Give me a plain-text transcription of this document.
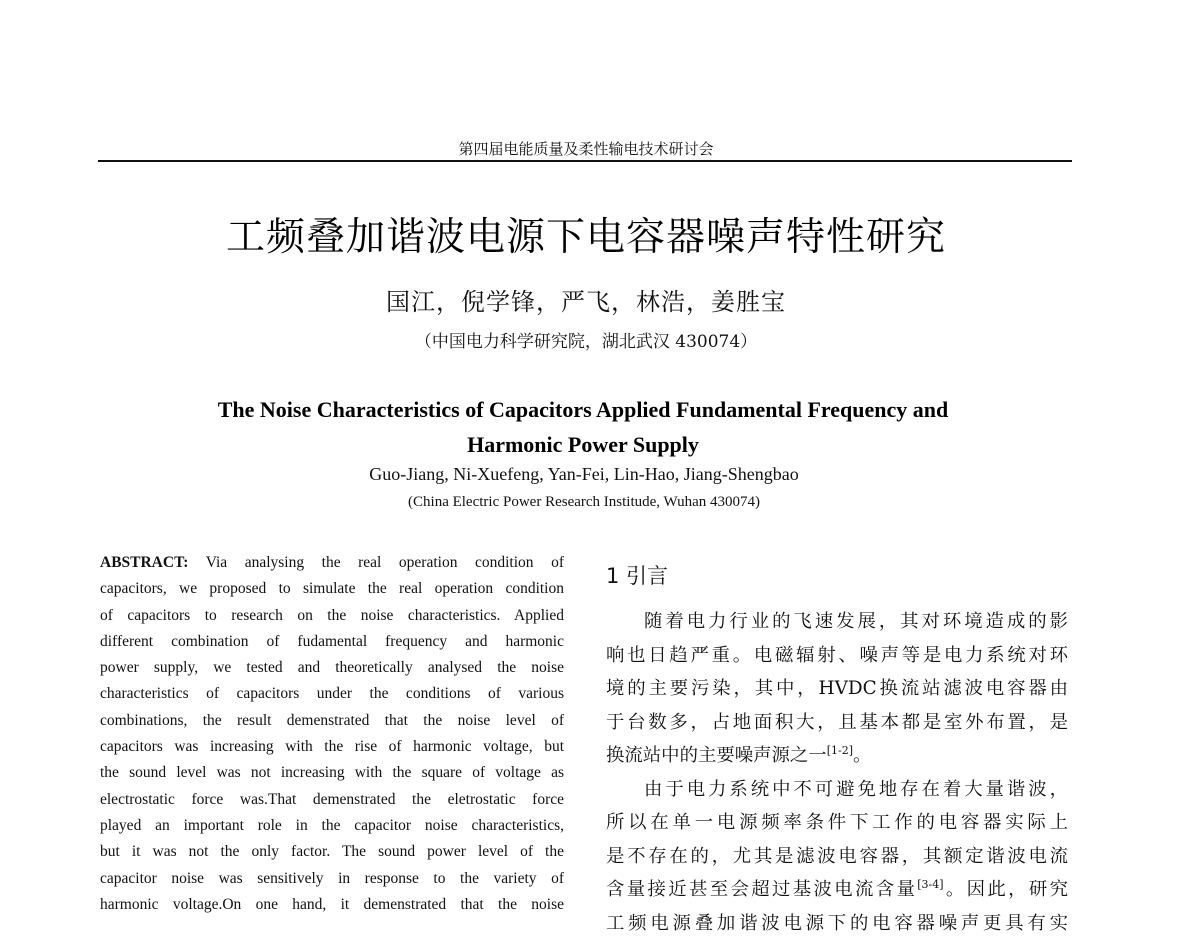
第四届电能质量及柔性输电技术研讨会
工频叠加谐波电源下电容器噪声特性研究
国江，倪学锋，严飞，林浩，姜胜宝
（中国电力科学研究院，湖北武汉 430074）
The Noise Characteristics of Capacitors Applied Fundamental Frequency and
Harmonic Power Supply
Guo-Jiang, Ni-Xuefeng, Yan-Fei, Lin-Hao, Jiang-Shengbao
(China Electric Power Research Institude, Wuhan 430074)
ABSTRACT: Via analysing the real operation condition of
capacitors, we proposed to simulate the real operation condition
of capacitors to research on the noise characteristics. Applied
different combination of fudamental frequency and harmonic
power supply, we tested and theoretically analysed the noise
characteristics of capacitors under the conditions of various
combinations, the result demenstrated that the noise level of
capacitors was increasing with the rise of harmonic voltage, but
the sound level was not increasing with the square of voltage as
electrostatic force was.That demenstrated the eletrostatic force
played an important role in the capacitor noise characteristics,
but it was not the only factor. The sound power level of the
capacitor noise was sensitively in response to the variety of
harmonic voltage.On one hand, it demenstrated that the noise
1 引言
随着电力行业的飞速发展，其对环境造成的影
响也日趋严重。电磁辐射、噪声等是电力系统对环
境的主要污染，其中，HVDC换流站滤波电容器由
于台数多，占地面积大，且基本都是室外布置，是
换流站中的主要噪声源之一[1-2]。
由于电力系统中不可避免地存在着大量谐波，
所以在单一电源频率条件下工作的电容器实际上
是不存在的，尤其是滤波电容器，其额定谐波电流
含量接近甚至会超过基波电流含量[3-4]。因此，研究
工频电源叠加谐波电源下的电容器噪声更具有实
